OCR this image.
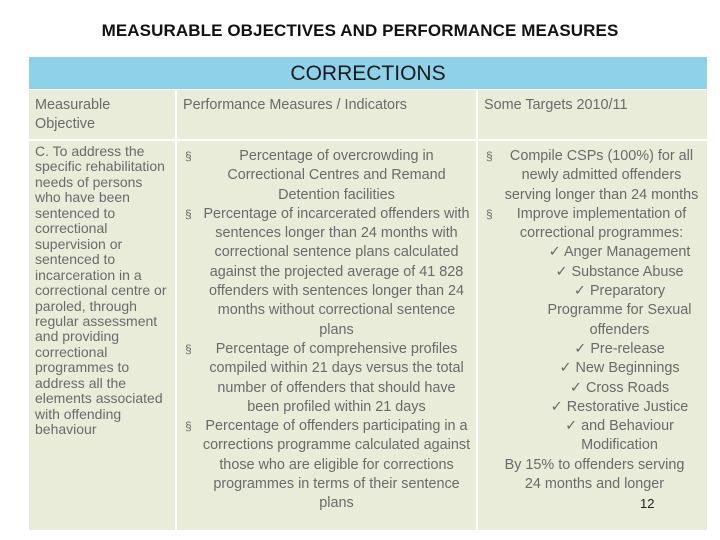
MEASURABLE OBJECTIVES AND PERFORMANCE MEASURES
CORRECTIONS
Measurable Objective
Performance Measures / Indicators	Some Targets 2010/11
C. To address the specific rehabilitation needs of persons who have been sentenced to correctional supervision or sentenced to incarceration in a correctional centre or paroled, through regular assessment and providing correctional programmes to address all the elements associated with offending behaviour
§	Percentage of overcrowding in Correctional Centres and Remand Detention facilities
§ Percentage of incarcerated offenders with sentences longer than 24 months with correctional sentence plans calculated against the projected average of 41 828 offenders with sentences longer than 24 months without correctional sentence plans
§ Percentage of comprehensive profiles compiled within 21 days versus the total number of offenders that should have been profiled within 21 days
§ Percentage of offenders participating in a corrections programme calculated against those who are eligible for corrections programmes in terms of their sentence plans
§ Compile CSPs (100%) for all newly admitted offenders serving longer than 24 months
§ Improve implementation of correctional programmes:
✓ Anger Management
✓ Substance Abuse
✓ Preparatory Programme for Sexual offenders
✓ Pre-release
✓ New Beginnings
✓ Cross Roads
✓ Restorative Justice
✓ and Behaviour Modification
By 15% to offenders serving 24 months and longer
12
